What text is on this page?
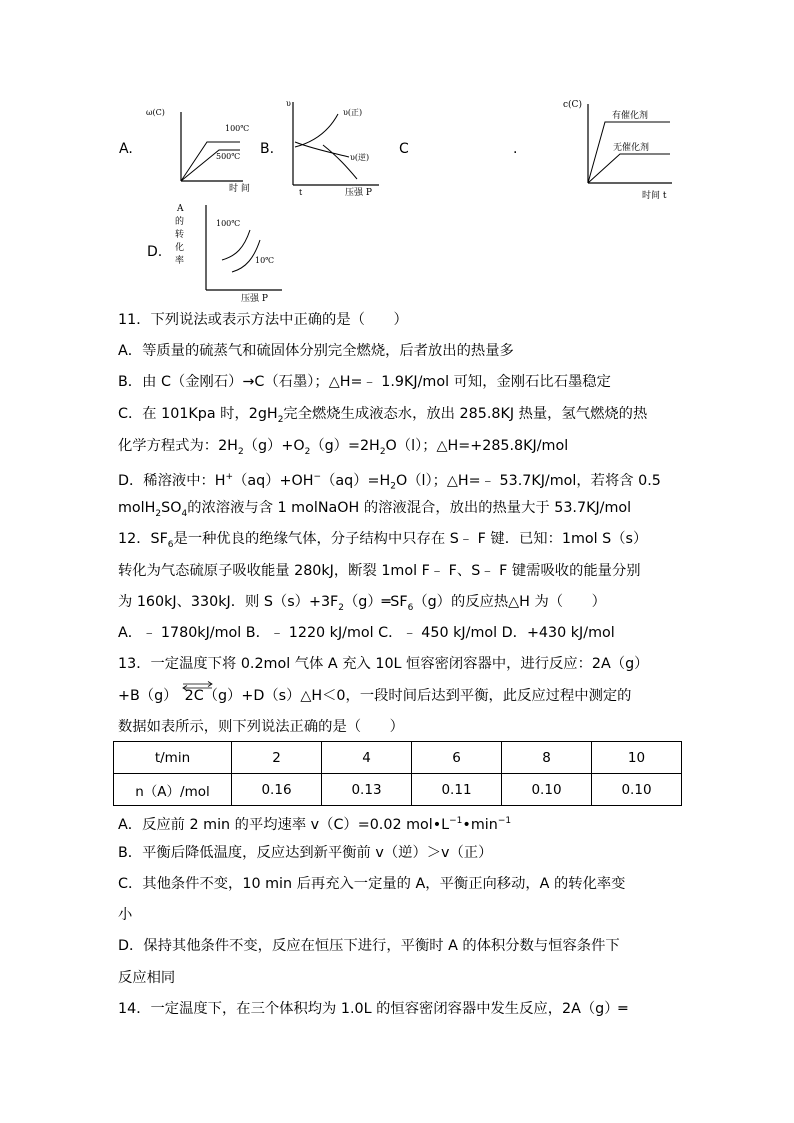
A.
ω(C)
100℃
500℃
时 间
B.
υ
υ(正)
υ(逆)
t	压强 P
C	.
c(C)
有催化剂
无催化剂
时间 t
D.
A
的
转
化
率
100℃
10℃
压强 P
11．下列说法或表示方法中正确的是（　　）
A．等质量的硫蒸气和硫固体分别完全燃烧，后者放出的热量多
B．由 C（金刚石）→C（石墨）；△H=﹣ 1.9KJ/mol 可知，金刚石比石墨稳定
C．在 101Kpa 时，$2gH_2$完全燃烧生成液态水，放出 285.8KJ 热量，氢气燃烧的热
化学方程式为：$2H_2(g)+O_2(g)=2H_2O(l)$；△H=+285.8KJ/mol
D．稀溶液中：$H^+(aq)+OH^-(aq)=H_2O(l)$；△H=﹣ 53.7KJ/mol，若将含 0.5
$molH_2SO_4$的浓溶液与含 1 molNaOH 的溶液混合，放出的热量大于 53.7KJ/mol
12．$SF_6$是一种优良的绝缘气体，分子结构中只存在 S﹣ F 键．已知：1mol S（s）
转化为气态硫原子吸收能量 280kJ，断裂 1mol F﹣ F、S﹣ F 键需吸收的能量分别
为 160kJ、330kJ．则 $S(s)+3F_2(g)═SF_6(g)$的反应热△H 为（　　）
A．﹣ 1780kJ/mol B．﹣ 1220 kJ/mol C．﹣ 450 kJ/mol D．+430 kJ/mol
13．一定温度下将 0.2mol 气体 A 充入 10L 恒容密闭容器中，进行反应：2A（g）
+B（g）　2C（g）+D（s）△H＜0，一段时间后达到平衡，此反应过程中测定的
数据如表所示，则下列说法正确的是（　　）
t/min	2	4	6	8	10
n（A）/mol	0.16	0.13	0.11	0.10	0.10
A．反应前 2 min 的平均速率 v（C）=0.02 $mol•L^{-1}•\min^{-1}$
B．平衡后降低温度，反应达到新平衡前 v（逆）＞v（正）
C．其他条件不变，10 min 后再充入一定量的 A，平衡正向移动，A 的转化率变
小
D．保持其他条件不变，反应在恒压下进行，平衡时 A 的体积分数与恒容条件下
反应相同
14．一定温度下，在三个体积均为 1.0L 的恒容密闭容器中发生反应，2A（g）═
